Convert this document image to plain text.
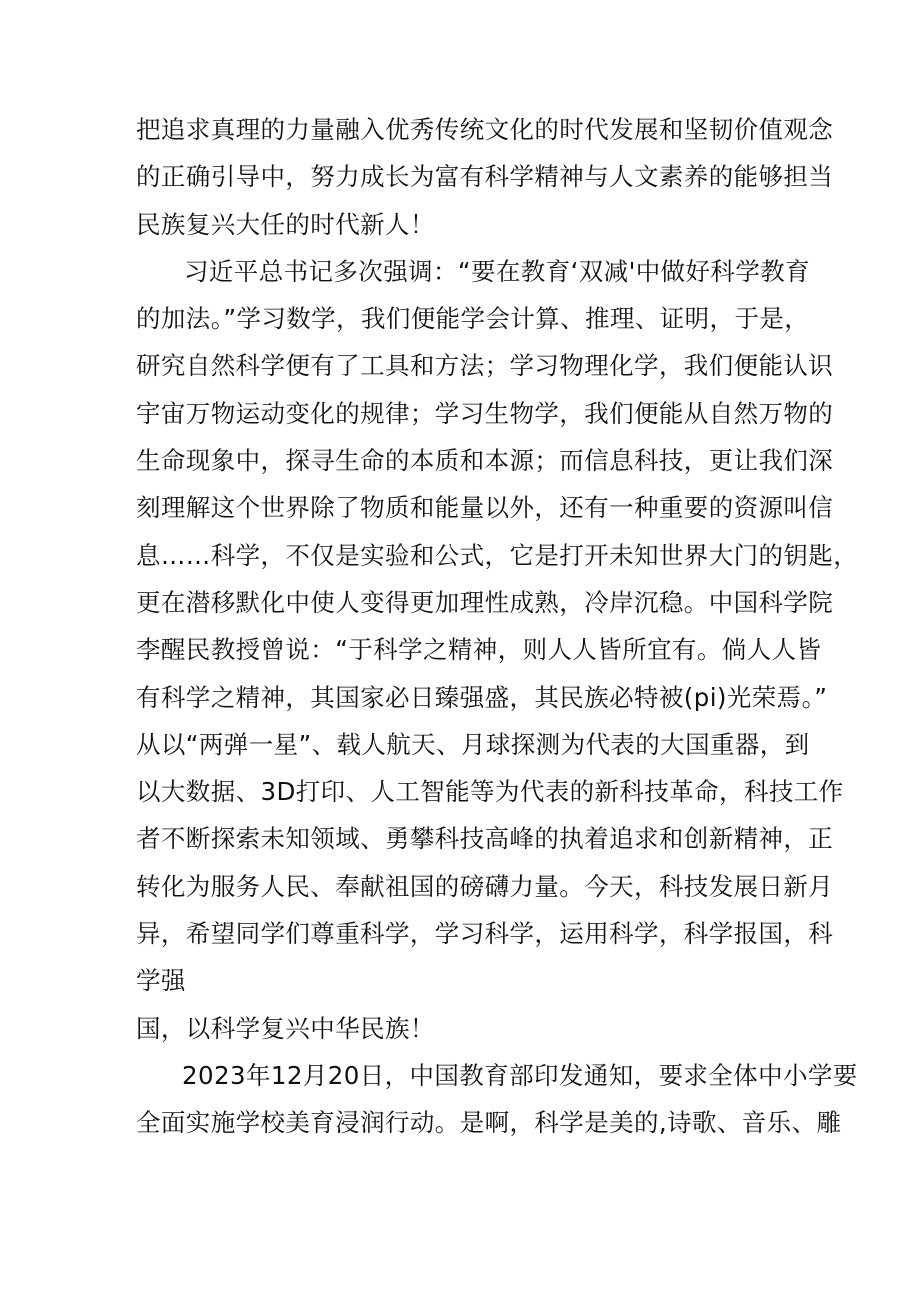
把追求真理的力量融入优秀传统文化的时代发展和坚韧价值观念
的正确引导中，努力成长为富有科学精神与人文素养的能够担当
民族复兴大任的时代新人！
习近平总书记多次强调：“要在教育‘双减'中做好科学教育
的加法。”学习数学，我们便能学会计算、推理、证明，于是，
研究自然科学便有了工具和方法；学习物理化学，我们便能认识
宇宙万物运动变化的规律；学习生物学，我们便能从自然万物的
生命现象中，探寻生命的本质和本源；而信息科技，更让我们深
刻理解这个世界除了物质和能量以外，还有一种重要的资源叫信
息……科学，不仅是实验和公式，它是打开未知世界大门的钥匙，
更在潜移默化中使人变得更加理性成熟，冷岸沉稳。中国科学院
李醒民教授曾说：“于科学之精神，则人人皆所宜有。倘人人皆
有科学之精神，其国家必日臻强盛，其民族必特被(pi)光荣焉。”
从以“两弹一星”、载人航天、月球探测为代表的大国重器，到
以大数据、3D打印、人工智能等为代表的新科技革命，科技工作
者不断探索未知领域、勇攀科技高峰的执着追求和创新精神，正
转化为服务人民、奉献祖国的磅礴力量。今天，科技发展日新月
异，希望同学们尊重科学，学习科学，运用科学，科学报国，科
学强
国，以科学复兴中华民族！
2023年12月20日，中国教育部印发通知，要求全体中小学要
全面实施学校美育浸润行动。是啊，科学是美的,诗歌、音乐、雕
